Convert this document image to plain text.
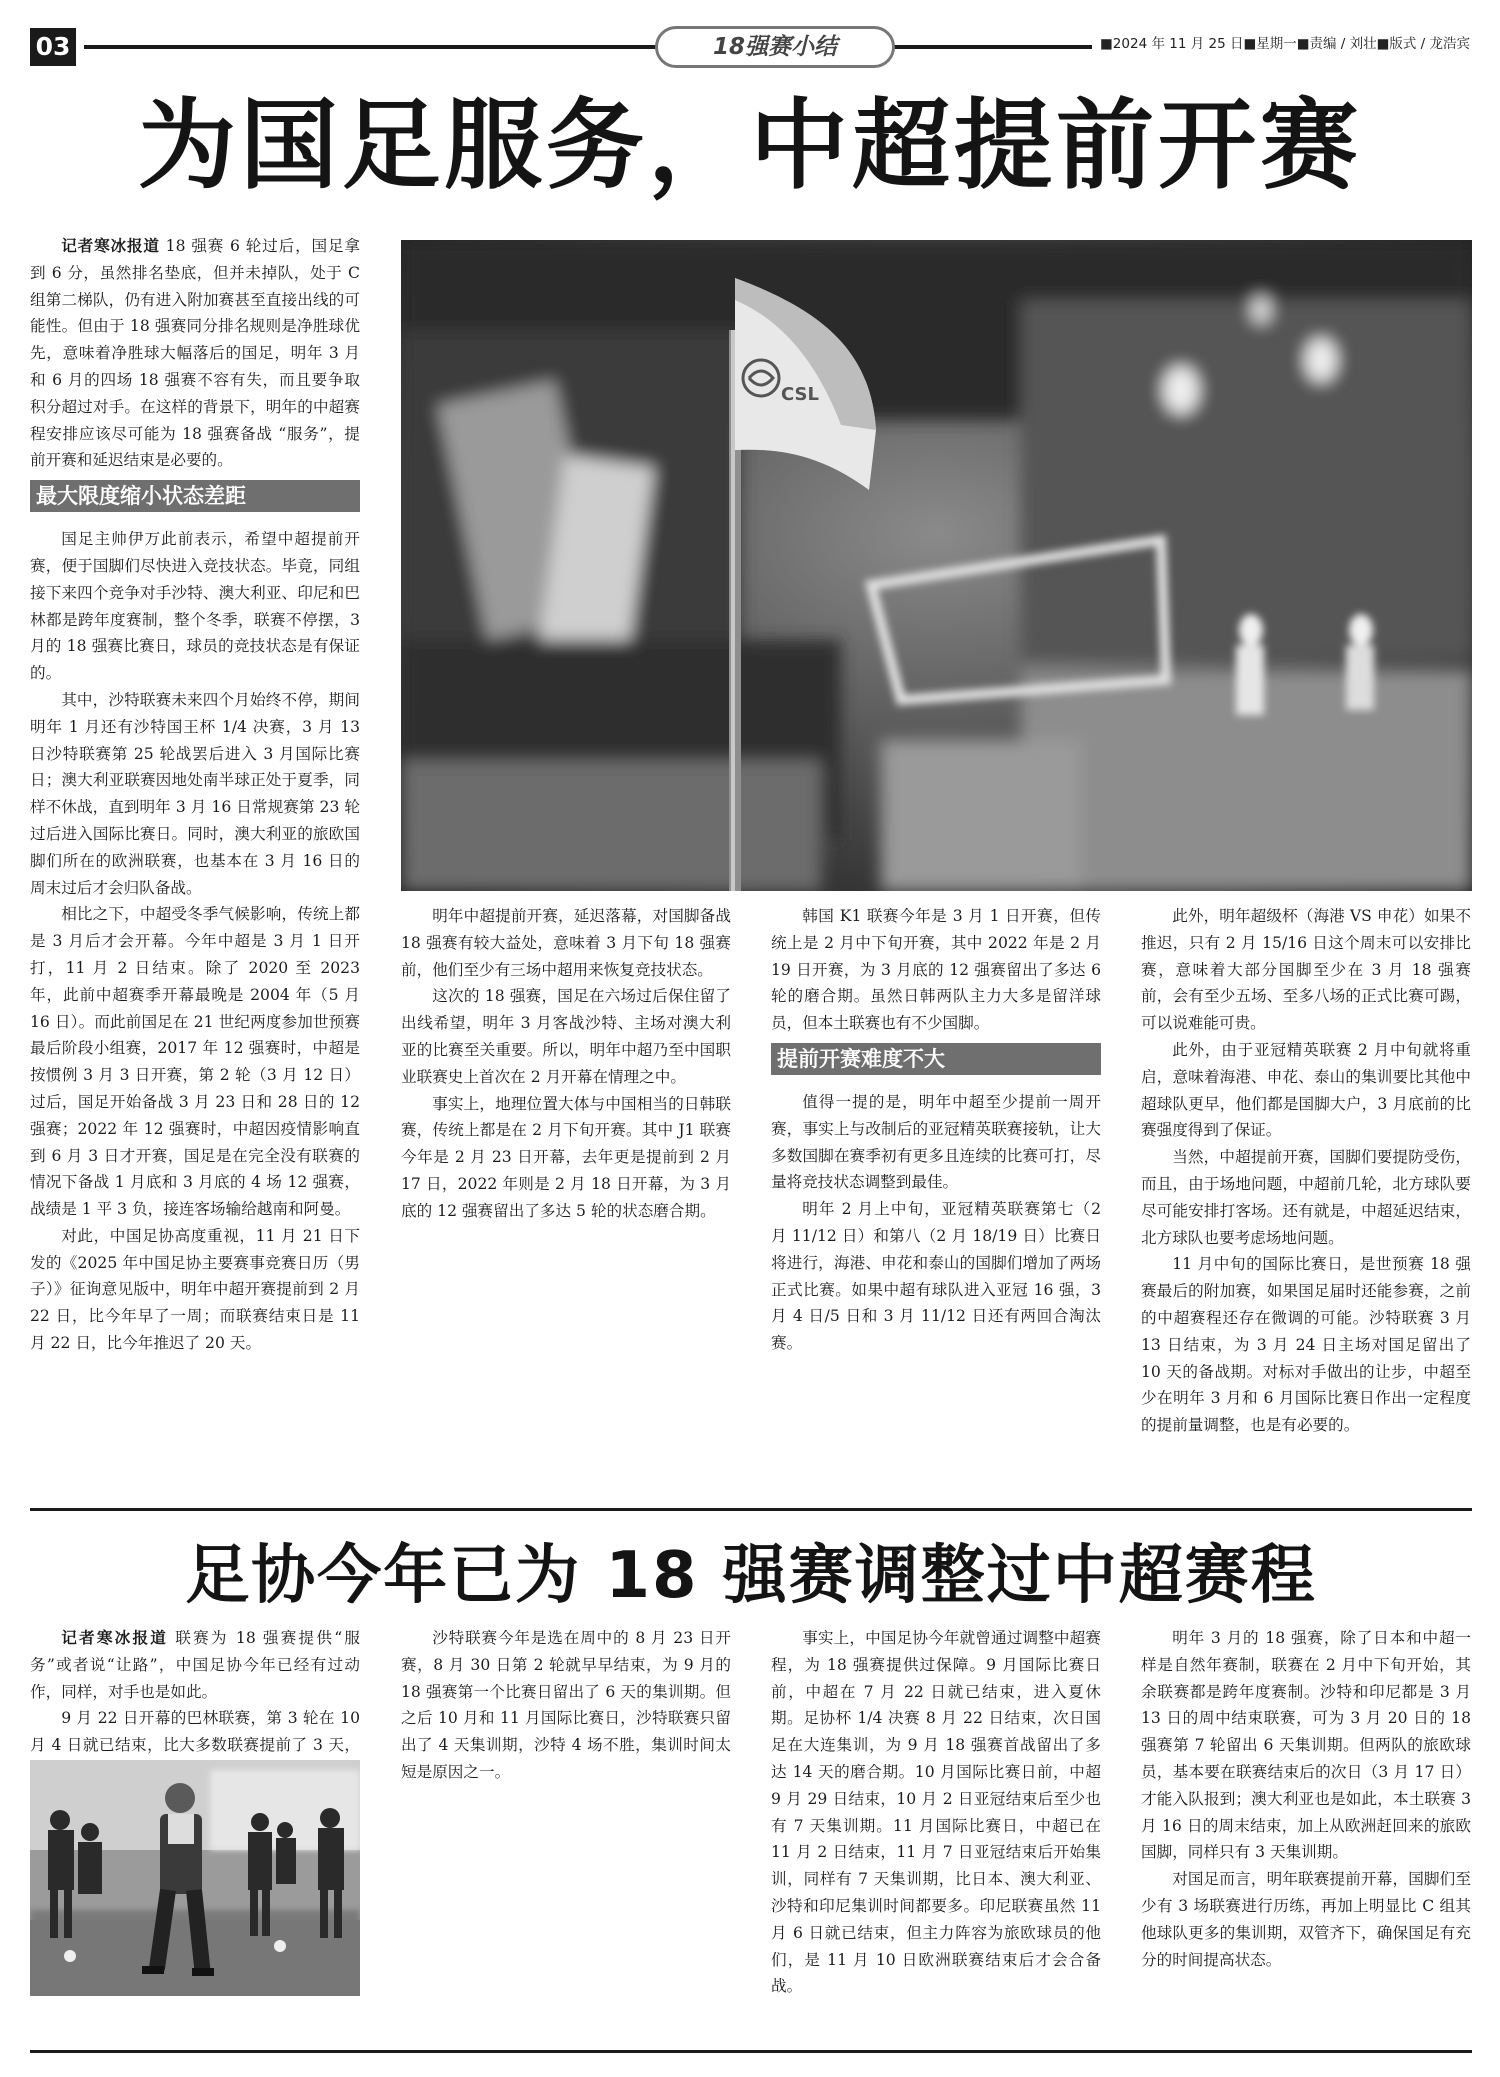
03	18强赛小结	■2024 年 11 月 25 日■星期一■责编 / 刘壮■版式 / 龙浩宾
为国足服务，中超提前开赛
CSL

记者寒冰报道 18 强赛 6 轮过后，国足拿到 6 分，虽然排名垫底，但并未掉队，处于 C 组第二梯队，仍有进入附加赛甚至直接出线的可能性。但由于 18 强赛同分排名规则是净胜球优先，意味着净胜球大幅落后的国足，明年 3 月和 6 月的四场 18 强赛不容有失，而且要争取积分超过对手。在这样的背景下，明年的中超赛程安排应该尽可能为 18 强赛备战 “服务”，提前开赛和延迟结束是必要的。

最大限度缩小状态差距

国足主帅伊万此前表示，希望中超提前开赛，便于国脚们尽快进入竞技状态。毕竟，同组接下来四个竞争对手沙特、澳大利亚、印尼和巴林都是跨年度赛制，整个冬季，联赛不停摆，3 月的 18 强赛比赛日，球员的竞技状态是有保证的。

其中，沙特联赛未来四个月始终不停，期间明年 1 月还有沙特国王杯 1/4 决赛，3 月 13 日沙特联赛第 25 轮战罢后进入 3 月国际比赛日；澳大利亚联赛因地处南半球正处于夏季，同样不休战，直到明年 3 月 16 日常规赛第 23 轮过后进入国际比赛日。同时，澳大利亚的旅欧国脚们所在的欧洲联赛，也基本在 3 月 16 日的周末过后才会归队备战。

相比之下，中超受冬季气候影响，传统上都是 3 月后才会开幕。今年中超是 3 月 1 日开打，11 月 2 日结束。除了 2020 至 2023 年，此前中超赛季开幕最晚是 2004 年（5 月 16 日）。而此前国足在 21 世纪两度参加世预赛最后阶段小组赛，2017 年 12 强赛时，中超是按惯例 3 月 3 日开赛，第 2 轮（3 月 12 日）过后，国足开始备战 3 月 23 日和 28 日的 12 强赛；2022 年 12 强赛时，中超因疫情影响直到 6 月 3 日才开赛，国足是在完全没有联赛的情况下备战 1 月底和 3 月底的 4 场 12 强赛，战绩是 1 平 3 负，接连客场输给越南和阿曼。

对此，中国足协高度重视，11 月 21 日下发的《2025 年中国足协主要赛事竞赛日历（男子）》征询意见版中，明年中超开赛提前到 2 月 22 日，比今年早了一周；而联赛结束日是 11 月 22 日，比今年推迟了 20 天。

明年中超提前开赛，延迟落幕，对国脚备战 18 强赛有较大益处，意味着 3 月下旬 18 强赛前，他们至少有三场中超用来恢复竞技状态。

这次的 18 强赛，国足在六场过后保住留了出线希望，明年 3 月客战沙特、主场对澳大利亚的比赛至关重要。所以，明年中超乃至中国职业联赛史上首次在 2 月开幕在情理之中。

事实上，地理位置大体与中国相当的日韩联赛，传统上都是在 2 月下旬开赛。其中 J1 联赛今年是 2 月 23 日开幕，去年更是提前到 2 月 17 日，2022 年则是 2 月 18 日开幕，为 3 月底的 12 强赛留出了多达 5 轮的状态磨合期。

韩国 K1 联赛今年是 3 月 1 日开赛，但传统上是 2 月中下旬开赛，其中 2022 年是 2 月 19 日开赛，为 3 月底的 12 强赛留出了多达 6 轮的磨合期。虽然日韩两队主力大多是留洋球员，但本土联赛也有不少国脚。

提前开赛难度不大

值得一提的是，明年中超至少提前一周开赛，事实上与改制后的亚冠精英联赛接轨，让大多数国脚在赛季初有更多且连续的比赛可打，尽量将竞技状态调整到最佳。

明年 2 月上中旬，亚冠精英联赛第七（2 月 11/12 日）和第八（2 月 18/19 日）比赛日将进行，海港、申花和泰山的国脚们增加了两场正式比赛。如果中超有球队进入亚冠 16 强，3 月 4 日/5 日和 3 月 11/12 日还有两回合淘汰赛。

此外，明年超级杯（海港 VS 申花）如果不推迟，只有 2 月 15/16 日这个周末可以安排比赛，意味着大部分国脚至少在 3 月 18 强赛前，会有至少五场、至多八场的正式比赛可踢，可以说难能可贵。

此外，由于亚冠精英联赛 2 月中旬就将重启，意味着海港、申花、泰山的集训要比其他中超球队更早，他们都是国脚大户，3 月底前的比赛强度得到了保证。

当然，中超提前开赛，国脚们要提防受伤，而且，由于场地问题，中超前几轮，北方球队要尽可能安排打客场。还有就是，中超延迟结束，北方球队也要考虑场地问题。

11 月中旬的国际比赛日，是世预赛 18 强赛最后的附加赛，如果国足届时还能参赛，之前的中超赛程还存在微调的可能。沙特联赛 3 月 13 日结束，为 3 月 24 日主场对国足留出了 10 天的备战期。对标对手做出的让步，中超至少在明年 3 月和 6 月国际比赛日作出一定程度的提前量调整，也是有必要的。

足协今年已为 18 强赛调整过中超赛程

记者寒冰报道 联赛为 18 强赛提供“服务”或者说“让路”，中国足协今年已经有过动作，同样，对手也是如此。

9 月 22 日开幕的巴林联赛，第 3 轮在 10 月 4 日就已结束，比大多数联赛提前了 3 天，

沙特联赛今年是选在周中的 8 月 23 日开赛，8 月 30 日第 2 轮就早早结束，为 9 月的 18 强赛第一个比赛日留出了 6 天的集训期。但之后 10 月和 11 月国际比赛日，沙特联赛只留出了 4 天集训期，沙特 4 场不胜，集训时间太短是原因之一。

事实上，中国足协今年就曾通过调整中超赛程，为 18 强赛提供过保障。9 月国际比赛日前，中超在 7 月 22 日就已结束，进入夏休期。足协杯 1/4 决赛 8 月 22 日结束，次日国足在大连集训，为 9 月 18 强赛首战留出了多达 14 天的磨合期。10 月国际比赛日前，中超 9 月 29 日结束，10 月 2 日亚冠结束后至少也有 7 天集训期。11 月国际比赛日，中超已在 11 月 2 日结束，11 月 7 日亚冠结束后开始集训，同样有 7 天集训期，比日本、澳大利亚、沙特和印尼集训时间都要多。印尼联赛虽然 11 月 6 日就已结束，但主力阵容为旅欧球员的他们，是 11 月 10 日欧洲联赛结束后才会合备战。

明年 3 月的 18 强赛，除了日本和中超一样是自然年赛制，联赛在 2 月中下旬开始，其余联赛都是跨年度赛制。沙特和印尼都是 3 月 13 日的周中结束联赛，可为 3 月 20 日的 18 强赛第 7 轮留出 6 天集训期。但两队的旅欧球员，基本要在联赛结束后的次日（3 月 17 日）才能入队报到；澳大利亚也是如此，本土联赛 3 月 16 日的周末结束，加上从欧洲赶回来的旅欧国脚，同样只有 3 天集训期。

对国足而言，明年联赛提前开幕，国脚们至少有 3 场联赛进行历练，再加上明显比 C 组其他球队更多的集训期，双管齐下，确保国足有充分的时间提高状态。
